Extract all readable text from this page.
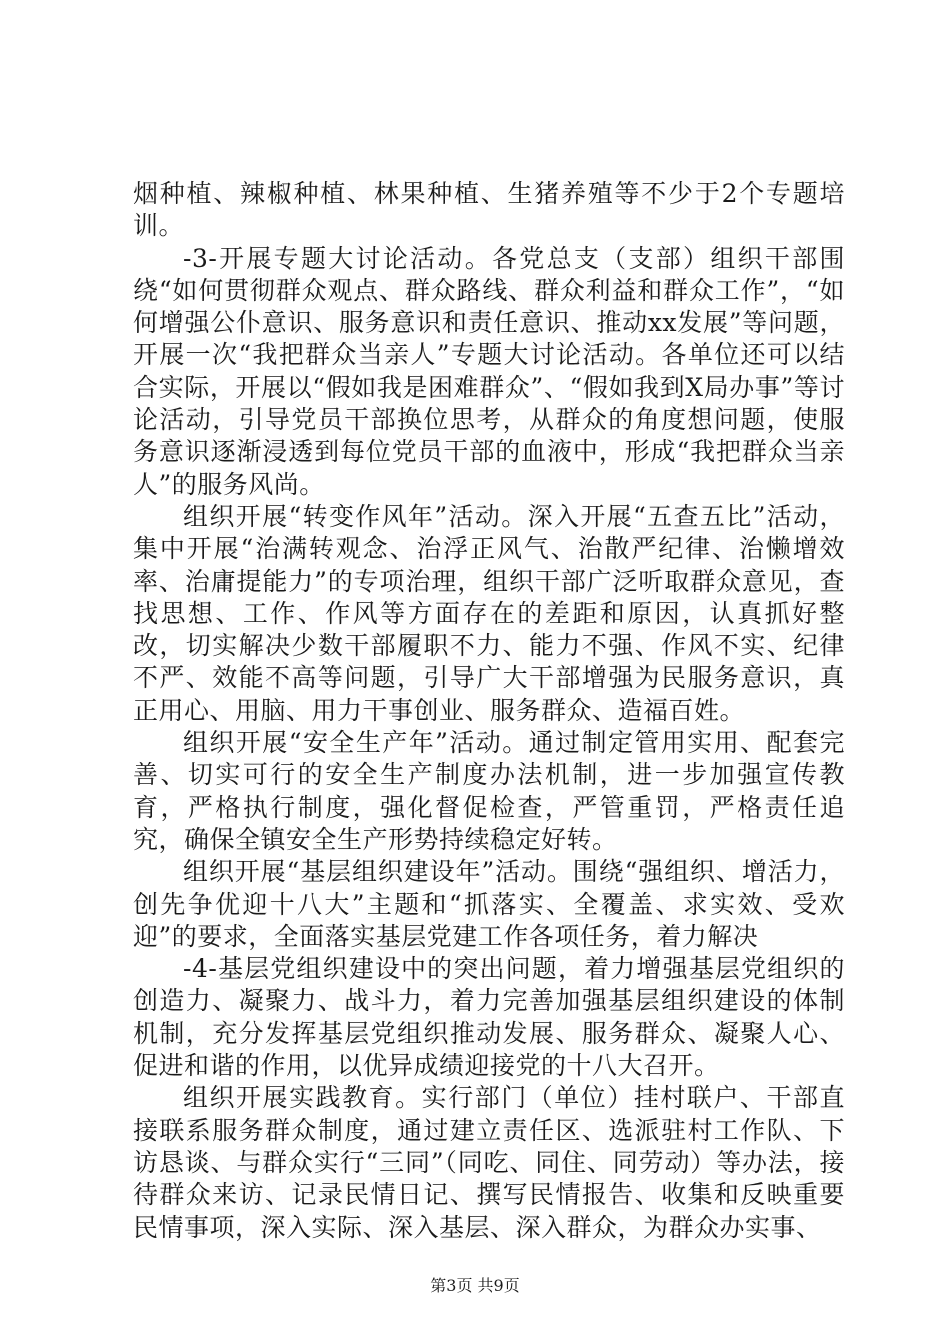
烟种植、辣椒种植、林果种植、生猪养殖等不少于2个专题培训。

-3-开展专题大讨论活动。各党总支（支部）组织干部围绕“如何贯彻群众观点、群众路线、群众利益和群众工作”，“如何增强公仆意识、服务意识和责任意识、推动xx发展”等问题，开展一次“我把群众当亲人”专题大讨论活动。各单位还可以结合实际，开展以“假如我是困难群众”、“假如我到X局办事”等讨论活动，引导党员干部换位思考，从群众的角度想问题，使服务意识逐渐浸透到每位党员干部的血液中，形成“我把群众当亲人”的服务风尚。

组织开展“转变作风年”活动。深入开展“五查五比”活动，集中开展“治满转观念、治浮正风气、治散严纪律、治懒增效率、治庸提能力”的专项治理，组织干部广泛听取群众意见，查找思想、工作、作风等方面存在的差距和原因，认真抓好整改，切实解决少数干部履职不力、能力不强、作风不实、纪律不严、效能不高等问题，引导广大干部增强为民服务意识，真正用心、用脑、用力干事创业、服务群众、造福百姓。

组织开展“安全生产年”活动。通过制定管用实用、配套完善、切实可行的安全生产制度办法机制，进一步加强宣传教育，严格执行制度，强化督促检查，严管重罚，严格责任追究，确保全镇安全生产形势持续稳定好转。

组织开展“基层组织建设年”活动。围绕“强组织、增活力，创先争优迎十八大”主题和“抓落实、全覆盖、求实效、受欢迎”的要求，全面落实基层党建工作各项任务，着力解决

-4-基层党组织建设中的突出问题，着力增强基层党组织的创造力、凝聚力、战斗力，着力完善加强基层组织建设的体制机制，充分发挥基层党组织推动发展、服务群众、凝聚人心、促进和谐的作用，以优异成绩迎接党的十八大召开。

组织开展实践教育。实行部门（单位）挂村联户、干部直接联系服务群众制度，通过建立责任区、选派驻村工作队、下访恳谈、与群众实行“三同”（同吃、同住、同劳动）等办法，接待群众来访、记录民情日记、撰写民情报告、收集和反映重要民情事项，深入实际、深入基层、深入群众，为群众办实事、

第3页 共9页
